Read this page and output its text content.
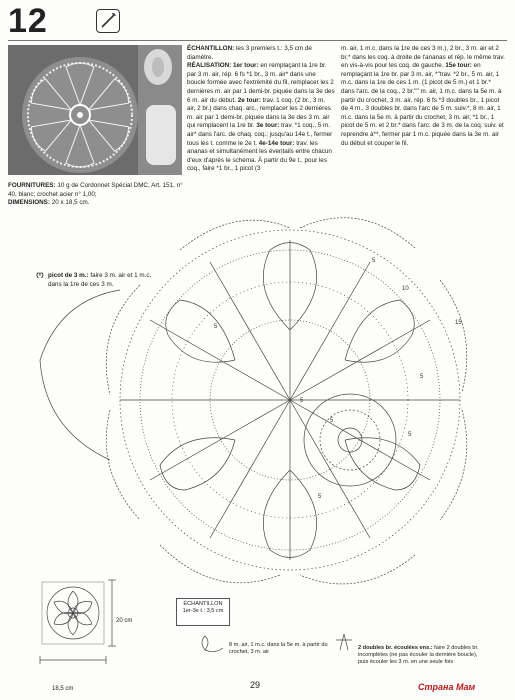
12
FOURNITURES: 10 g de Cordonnet Spécial DMC, Art. 151, n° 40, blanc; crochet acier n° 1,00;
DIMENSIONS: 20 x 18,5 cm.
ÉCHANTILLON: les 3 premiers t.: 3,5 cm de diamètre.
RÉALISATION: 1er tour: en remplaçant la 1re br. par 3 m. air, rép. 6 fs *1 br., 3 m. air* dans une boucle formée avec l'extrémité du fil, remplacer les 2 dernières m. air par 1 demi-br. piquée dans la 3e des 6 m. air du début. 2e tour: trav. 1 coq. (2 br., 3 m. air, 2 br.) dans chaq. arc., remplacer les 2 dernières m. air par 1 demi-br. piquée dans la 3e des 3 m. air qui remplacent la 1re br. 3e tour: trav. *1 coq., 5 m. air* dans l'arc. de chaq. coq.; jusqu'au 14e t., fermer tous les t. comme le 2e t. 4e-14e tour: trav. les ananas et simultanément les éventails entre chacun d'eux d'après le schéma. À partir du 9e t., pour les coq., faire *1 br., 1 picot (3
m. air, 1 m.c. dans la 1re de ces 3 m.), 2 br., 3 m. air et 2 br.* dans les coq. à droite de l'ananas et rép. le même trav. en vis-à-vis pour les coq. de gauche. 15e tour: en remplaçant la 1re br. par 3 m. air, *"trav. *2 br., 5 m. air, 1 m.c. dans la 1re de ces 1 m. (1 picot de 5 m.) et 1 br.* dans l'arc. de la coq., 2 br."" m. air, 1 m.c. dans la 5e m. à partir du crochet, 3 m. air, rép. 6 fs *3 doubles br., 1 picot de 4 m., 3 doubles br. dans l'arc de 5 m. suiv.*, 8 m. air, 1 m.c. dans la 5e m. à partir du crochet, 3 m. air, *1 br., 1 picot de 5 m. et 2 br.* dans l'arc. de 3 m. de la coq. suiv. et reprendre à**, fermer par 1 m.c. piquée dans la 3e m. air du début et couper le fil.
ო picot de 3 m.: faire 3 m. air et 1 m.c. dans la 1re de ces 3 m.
5
10
15
5
5
5
5
5
5
ÉCHANTILLON
1er-3e t.: 3,5 cm
20 cm
18,5 cm
8 m. air, 1 m.c. dans la 5e m. à partir du crochet, 3 m. air
2 doubles br. écoulées ens.: faire 2 doubles br. incomplètes (ne pas écouler la dernière boucle), puis écouler les 3 m. en une seule fois
29	Страна Мам
